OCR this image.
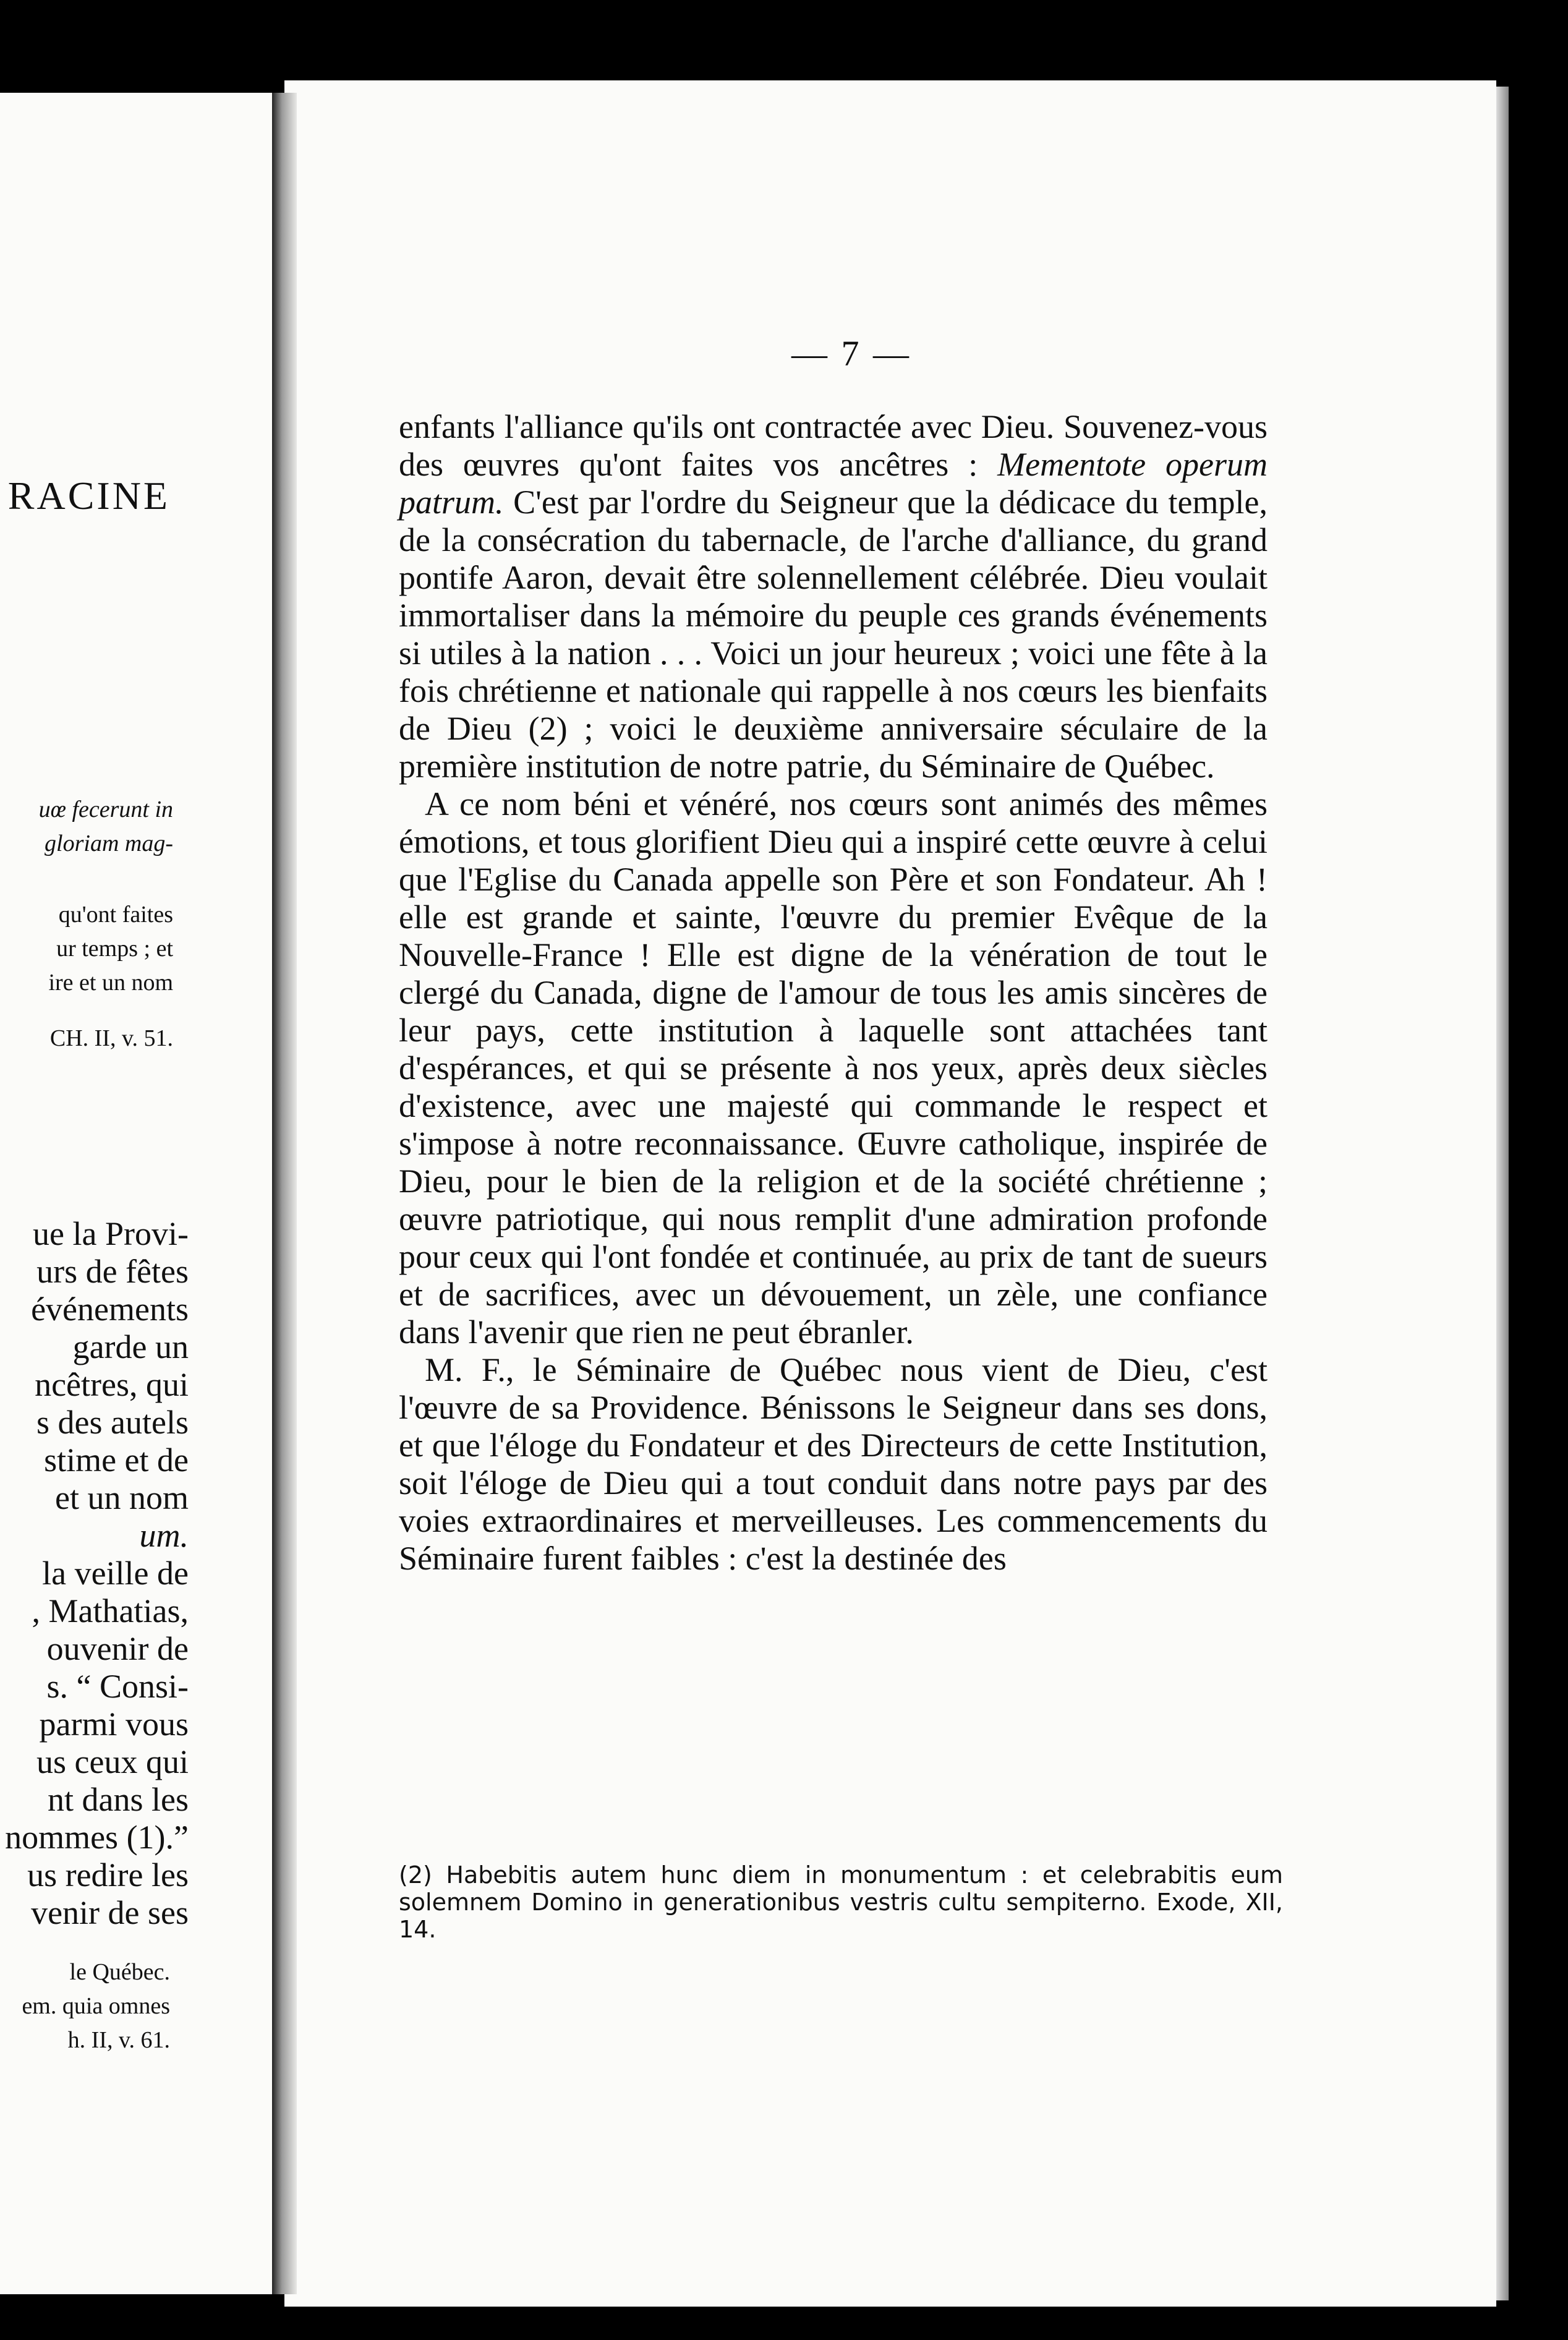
RACINE
uœ fecerunt in
gloriam mag-
qu'ont faites
ur temps ; et
ire et un nom
CH. II, v. 51.
ue la Provi-
urs de fêtes
événements
garde un
ncêtres, qui
s des autels
stime et de
et un nom
um.
la veille de
, Mathatias,
ouvenir de
s. “ Consi-
parmi vous
us ceux qui
nt dans les
nommes (1).”
us redire les
venir de ses
le Québec.
em. quia omnes
h. II, v. 61.
— 7 —

enfants l'alliance qu'ils ont contractée avec Dieu. Souvenez-vous des œuvres qu'ont faites vos ancêtres : Mementote operum patrum. C'est par l'ordre du Seigneur que la dédicace du temple, de la consécration du tabernacle, de l'arche d'alliance, du grand pontife Aaron, devait être solennellement célébrée. Dieu voulait immortaliser dans la mémoire du peuple ces grands événements si utiles à la nation . . . Voici un jour heureux ; voici une fête à la fois chrétienne et nationale qui rappelle à nos cœurs les bienfaits de Dieu (2) ; voici le deuxième anniversaire séculaire de la première institution de notre patrie, du Séminaire de Québec.

A ce nom béni et vénéré, nos cœurs sont animés des mêmes émotions, et tous glorifient Dieu qui a inspiré cette œuvre à celui que l'Eglise du Canada appelle son Père et son Fondateur. Ah ! elle est grande et sainte, l'œuvre du premier Evêque de la Nouvelle-France ! Elle est digne de la vénération de tout le clergé du Canada, digne de l'amour de tous les amis sincères de leur pays, cette institution à laquelle sont attachées tant d'espérances, et qui se présente à nos yeux, après deux siècles d'existence, avec une majesté qui commande le respect et s'impose à notre reconnaissance. Œuvre catholique, inspirée de Dieu, pour le bien de la religion et de la société chrétienne ; œuvre patriotique, qui nous remplit d'une admiration profonde pour ceux qui l'ont fondée et continuée, au prix de tant de sueurs et de sacrifices, avec un dévouement, un zèle, une confiance dans l'avenir que rien ne peut ébranler.

M. F., le Séminaire de Québec nous vient de Dieu, c'est l'œuvre de sa Providence. Bénissons le Seigneur dans ses dons, et que l'éloge du Fondateur et des Directeurs de cette Institution, soit l'éloge de Dieu qui a tout conduit dans notre pays par des voies extraordinaires et merveilleuses. Les commencements du Séminaire furent faibles : c'est la destinée des

(2) Habebitis autem hunc diem in monumentum : et celebrabitis eum solemnem Domino in generationibus vestris cultu sempiterno. Exode, XII, 14.
